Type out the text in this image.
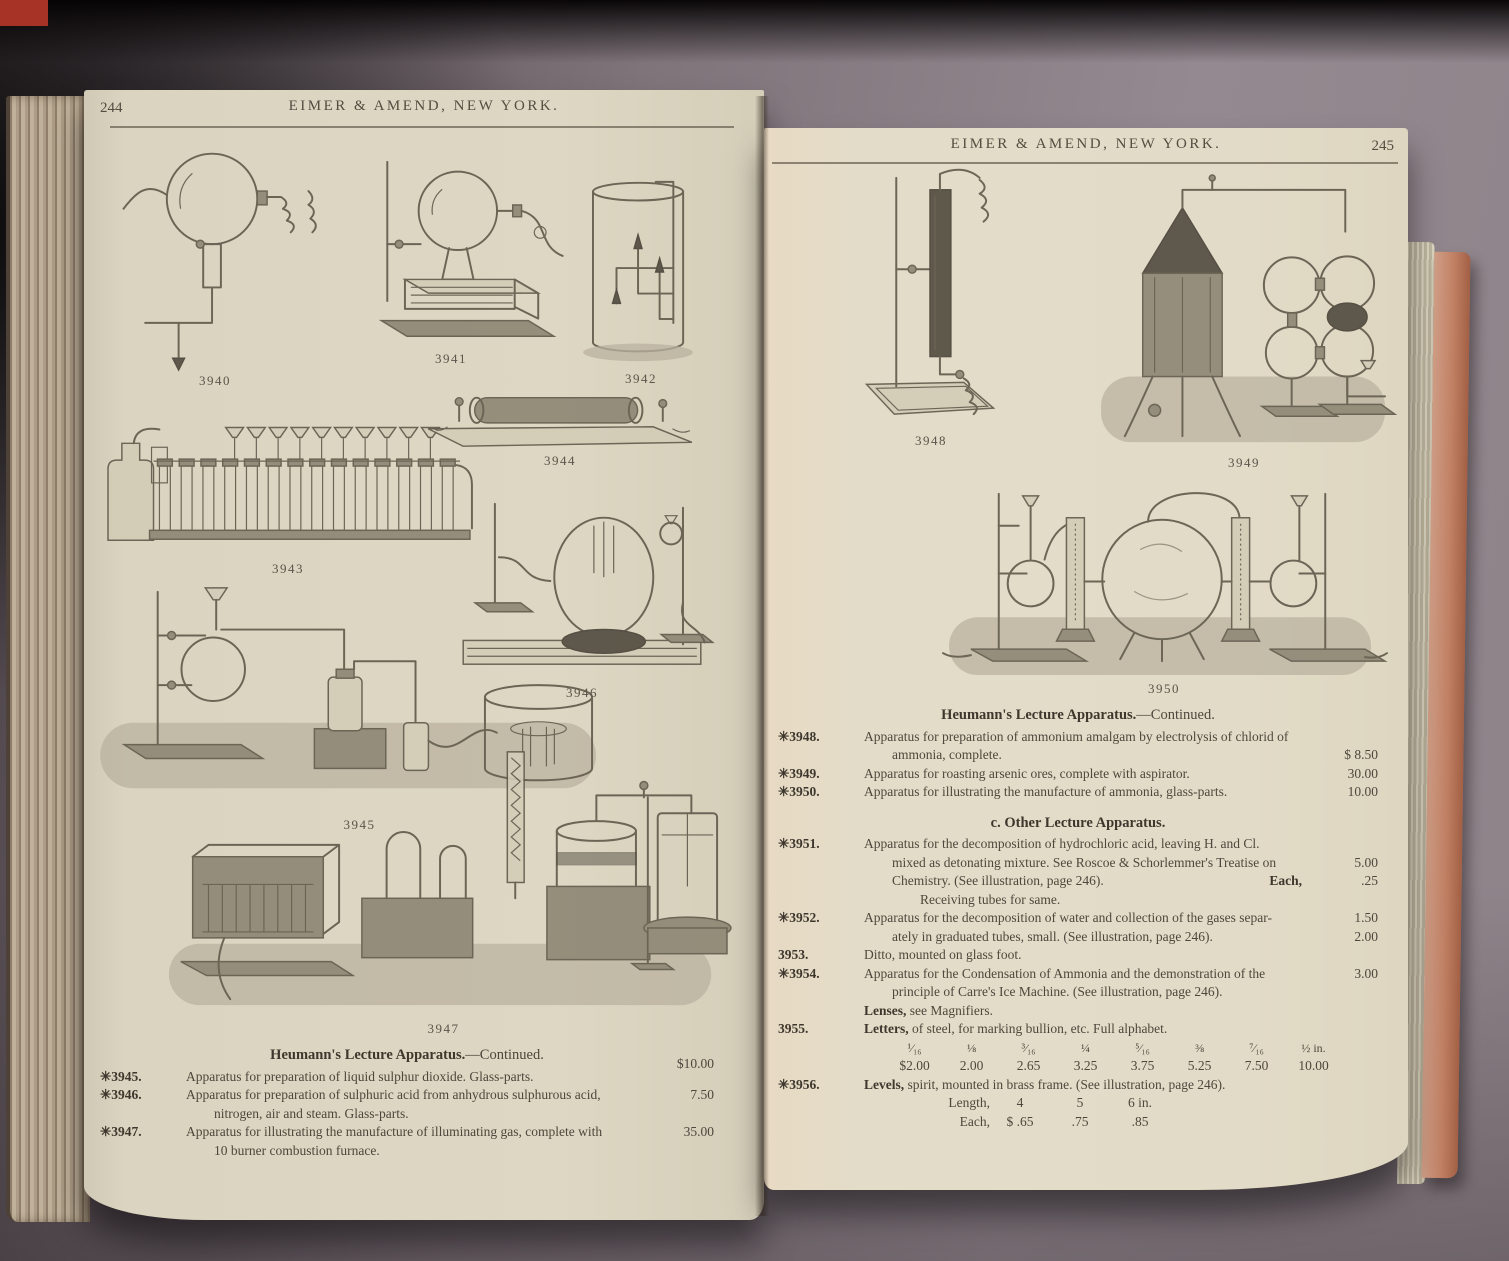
244	EIMER & AMEND, NEW YORK.
3940
3941
3942
3943
3944
3946
3945
3947
Heumann's Lecture Apparatus.—Continued.
$10.00
✳3945.	Apparatus for preparation of liquid sulphur dioxide. Glass-parts.
✳3946.	Apparatus for preparation of sulphuric acid from anhydrous sulphurous acid,	7.50
nitrogen, air and steam. Glass-parts.
✳3947.	Apparatus for illustrating the manufacture of illuminating gas, complete with	35.00
10 burner combustion furnace.
EIMER & AMEND, NEW YORK.	245
3948
3949
3950
Heumann's Lecture Apparatus.—Continued.
✳3948.	Apparatus for preparation of ammonium amalgam by electrolysis of chlorid of
ammonia, complete.	$ 8.50
✳3949.	Apparatus for roasting arsenic ores, complete with aspirator.	30.00
✳3950.	Apparatus for illustrating the manufacture of ammonia, glass-parts.	10.00
c. Other Lecture Apparatus.
✳3951.	Apparatus for the decomposition of hydrochloric acid, leaving H. and Cl.
mixed as detonating mixture. See Roscoe & Schorlemmer's Treatise on	5.00
Chemistry. (See illustration, page 246).	Each,	.25
Receiving tubes for same.
✳3952.	Apparatus for the decomposition of water and collection of the gases separ-	1.50
ately in graduated tubes, small. (See illustration, page 246).	2.00
3953.	Ditto, mounted on glass foot.
✳3954.	Apparatus for the Condensation of Ammonia and the demonstration of the	3.00
principle of Carre's Ice Machine. (See illustration, page 246).
Lenses, see Magnifiers.
3955.	Letters, of steel, for marking bullion, etc. Full alphabet.
¹⁄₁₆	⅛	³⁄₁₆	¼	⁵⁄₁₆	⅜	⁷⁄₁₆	½ in.
$2.00	2.00	2.65	3.25	3.75	5.25	7.50	10.00
✳3956.	Levels, spirit, mounted in brass frame. (See illustration, page 246).
Length,	4	5	6 in.
Each,	$ .65	.75	.85
